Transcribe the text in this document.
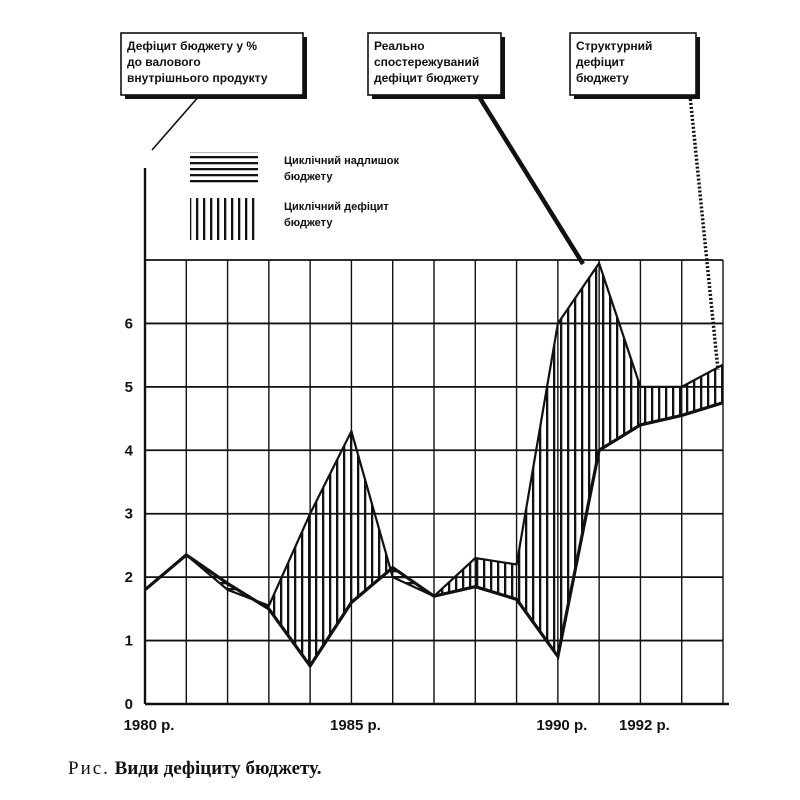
0
1
2
3
4
5
6
1980 р.	1985 р.	1990 р. 1992 р.
Циклічний надлишок
бюджету
Циклічний дефіцит
бюджету
Дефіцит бюджету у %
до валового
внутрішнього продукту
Реально
спостережуваний
дефіцит бюджету
Структурний
дефіцит
бюджету
Рис. Види дефіциту бюджету.
